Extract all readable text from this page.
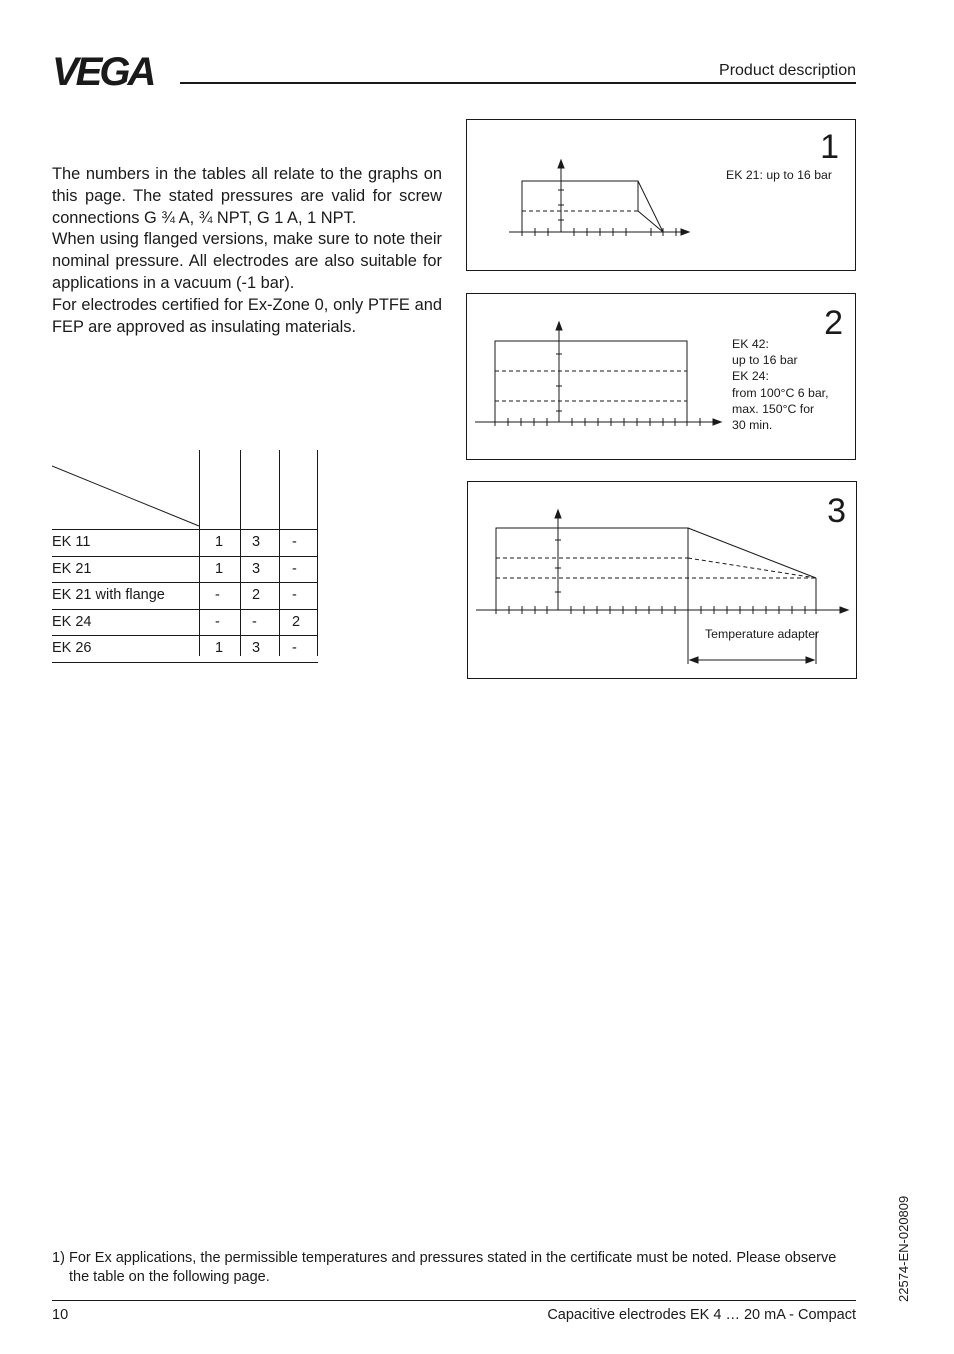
VEGA	Product description

The numbers in the tables all relate to the graphs on this page. The stated pressures are valid for screw connections G ¾ A, ¾ NPT, G 1 A, 1 NPT.

When using flanged versions, make sure to note their nominal pressure. All electrodes are also suitable for applications in a vacuum (-1 bar).

For electrodes certified for Ex-Zone 0, only PTFE and FEP are approved as insulating materials.

EK 11	1 3 -
EK 21	1 3 -
EK 21 with flange	- 2 -
EK 24	- - 2
EK 26	1 3 -
1
EK 21: up to 16 bar
2
EK 42:
up to 16 bar
EK 24:
from 100°C 6 bar,
max. 150°C for
30 min.
3
Temperature adapter
1) For Ex applications, the permissible temperatures and pressures stated in the certificate must be noted. Please observe the table on the following page.
10	Capacitive electrodes EK 4 … 20 mA - Compact
22574-EN-020809
